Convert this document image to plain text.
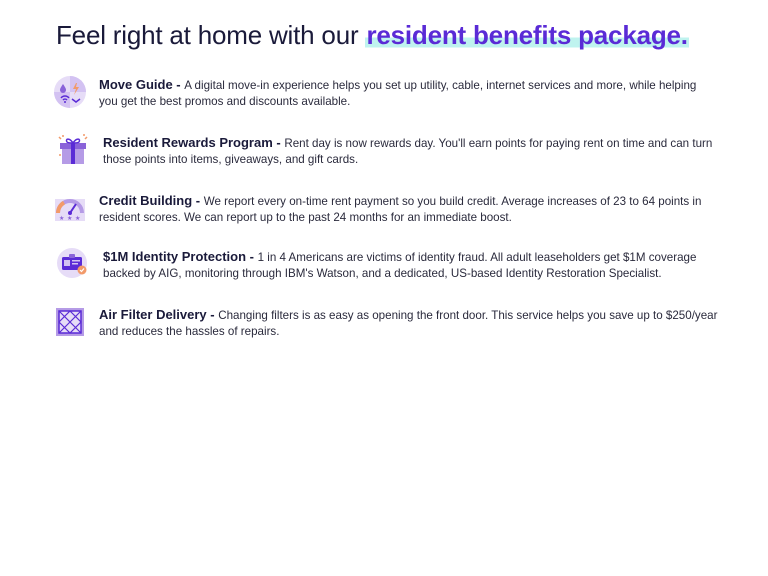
Feel right at home with our resident benefits package.
Move Guide - A digital move-in experience helps you set up utility, cable, internet services and more, while helping you get the best promos and discounts available.
Resident Rewards Program - Rent day is now rewards day. You'll earn points for paying rent on time and can turn those points into items, giveaways, and gift cards.
★ ★ ★
Credit Building - We report every on-time rent payment so you build credit. Average increases of 23 to 64 points in resident scores. We can report up to the past 24 months for an immediate boost.
$1M Identity Protection - 1 in 4 Americans are victims of identity fraud. All adult leaseholders get $1M coverage backed by AIG, monitoring through IBM's Watson, and a dedicated, US-based Identity Restoration Specialist.
Air Filter Delivery - Changing filters is as easy as opening the front door. This service helps you save up to $250/year and reduces the hassles of repairs.
